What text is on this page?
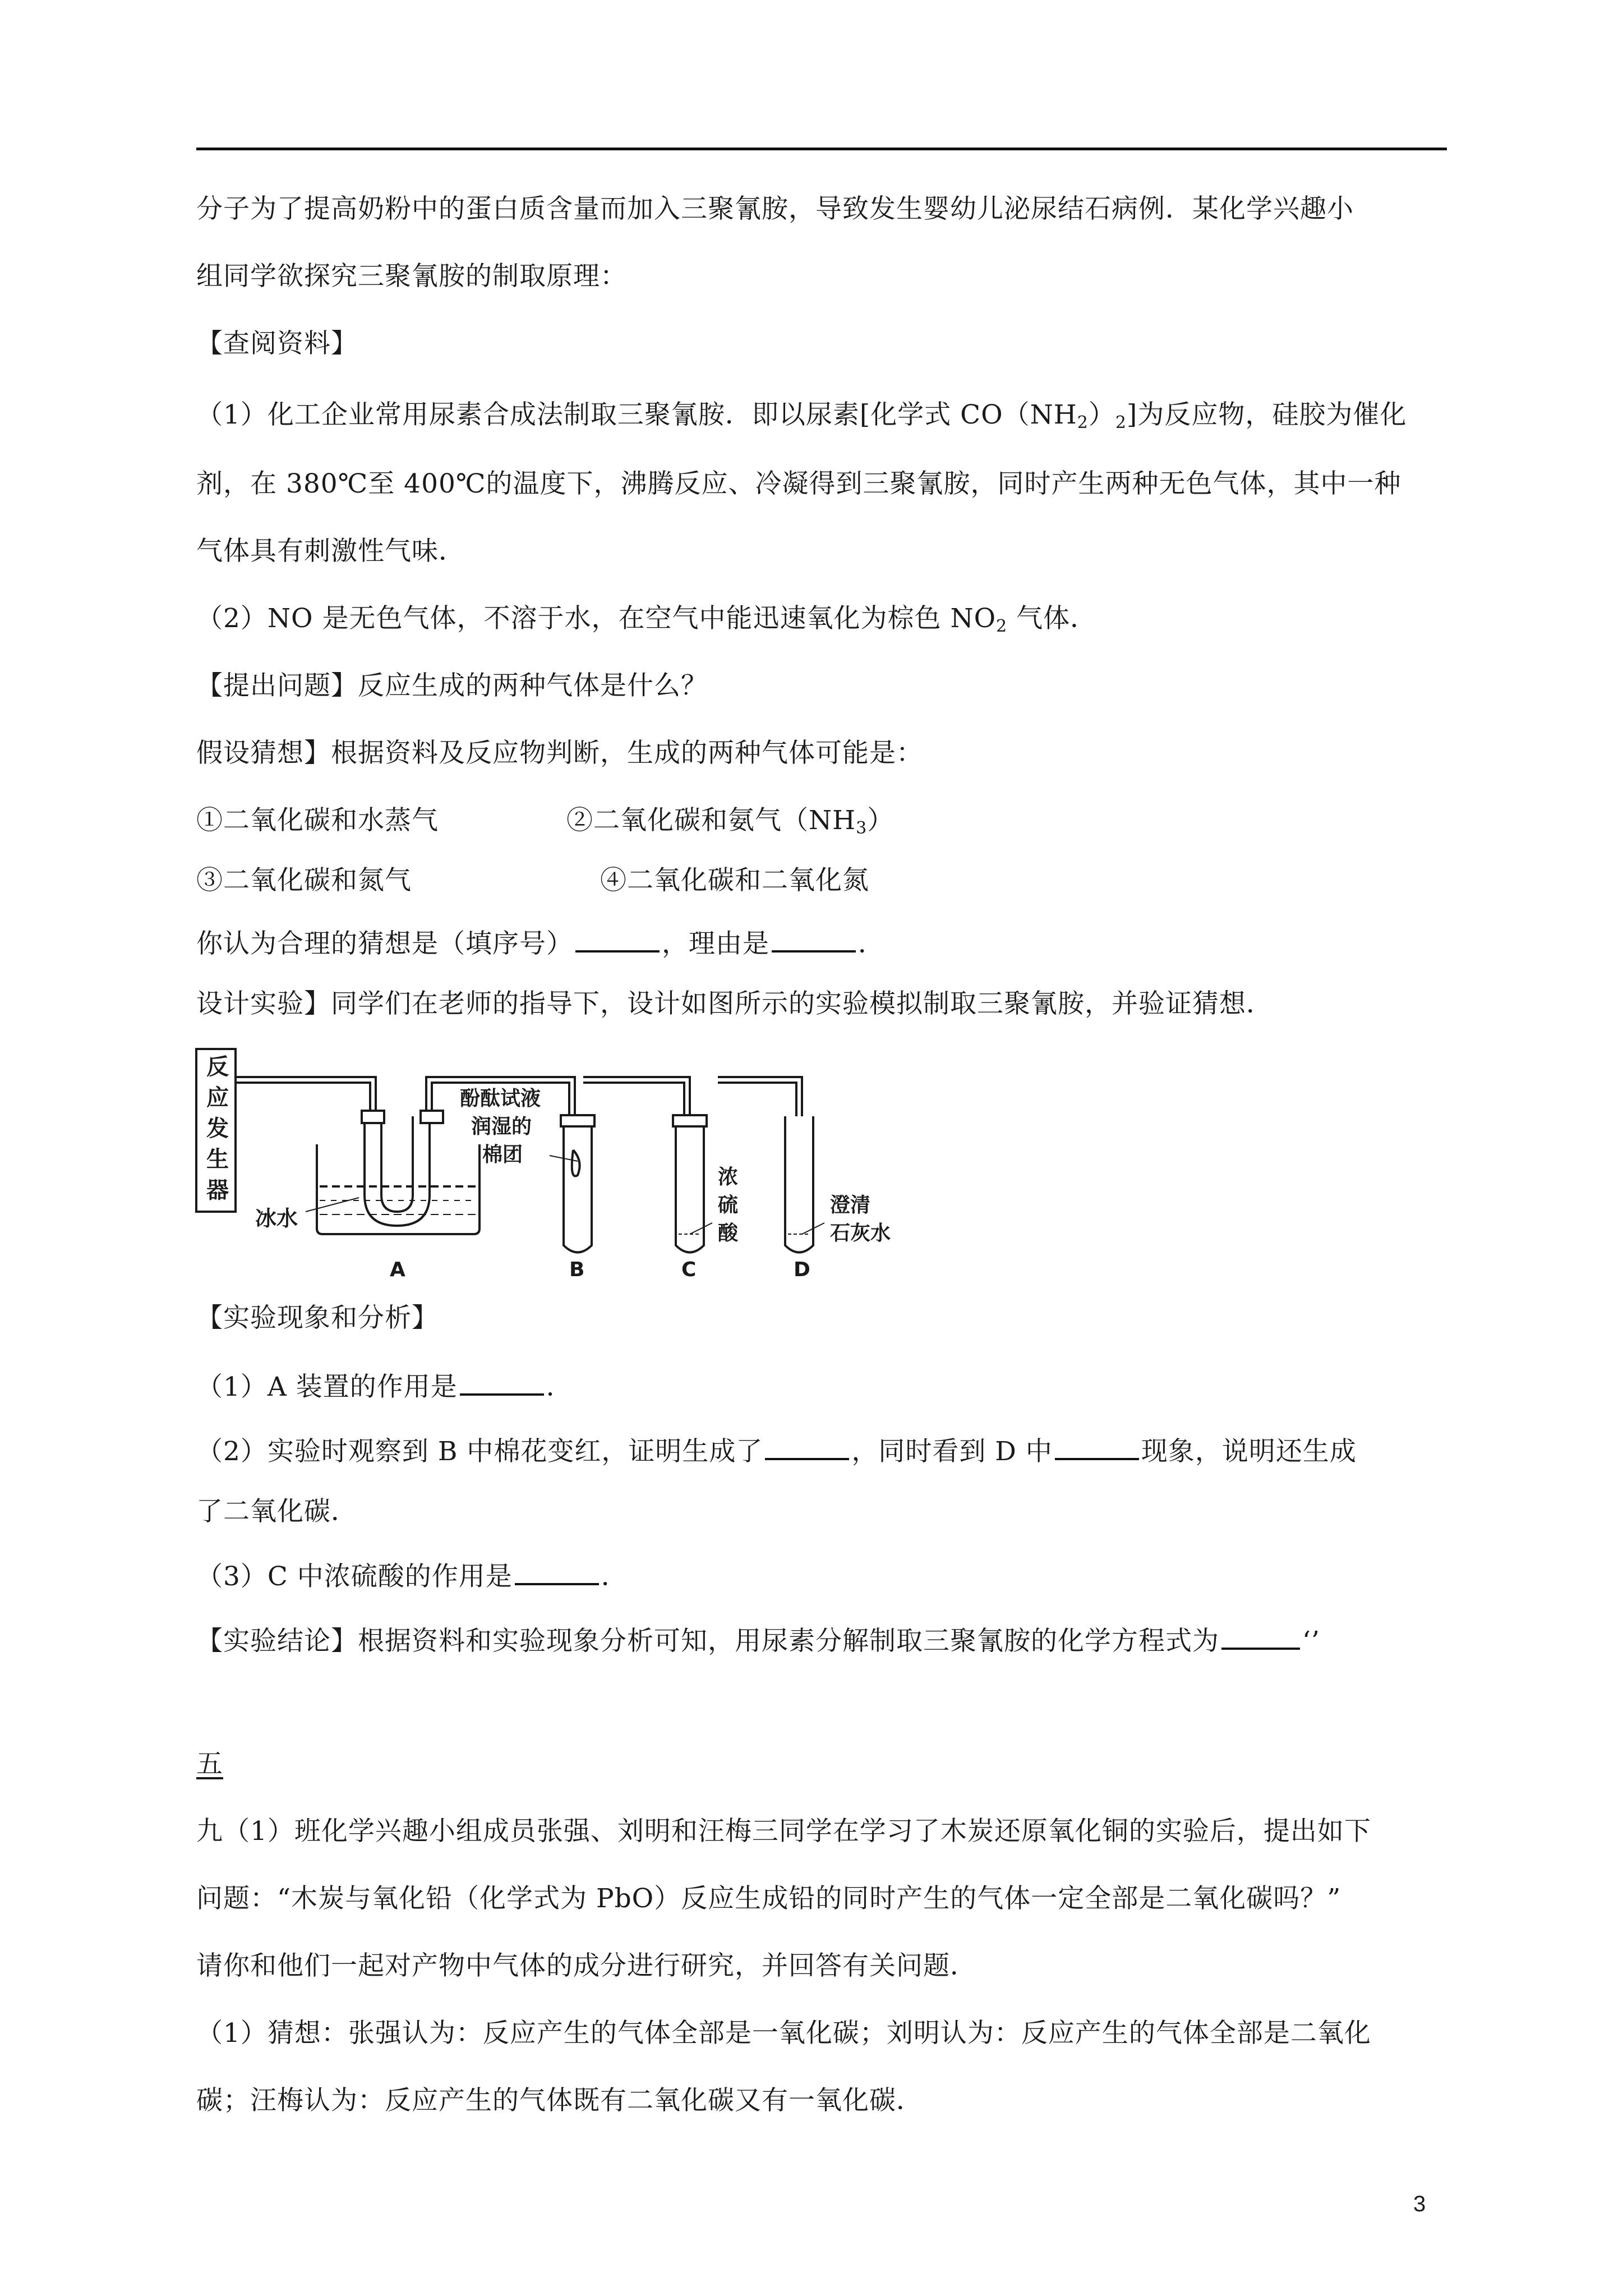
分子为了提高奶粉中的蛋白质含量而加入三聚氰胺，导致发生婴幼儿泌尿结石病例．某化学兴趣小
组同学欲探究三聚氰胺的制取原理：
【查阅资料】
（1）化工企业常用尿素合成法制取三聚氰胺．即以尿素[化学式 $CO(NH_2)_2$]为反应物，硅胶为催化
剂，在 380℃至 400℃的温度下，沸腾反应、冷凝得到三聚氰胺，同时产生两种无色气体，其中一种
气体具有刺激性气味．
（2）NO 是无色气体，不溶于水，在空气中能迅速氧化为棕色 $NO_2$ 气体．
【提出问题】反应生成的两种气体是什么？
假设猜想】根据资料及反应物判断，生成的两种气体可能是：
①二氧化碳和水蒸气	②二氧化碳和氨气$(NH_3)$
③二氧化碳和氮气	④二氧化碳和二氧化氮
你认为合理的猜想是（填序号）	，理由是	．
设计实验】同学们在老师的指导下，设计如图所示的实验模拟制取三聚氰胺，并验证猜想．
反
应
发
生
器
冰水
酚酞试液
润湿的
棉团
浓
硫
酸
澄清
石灰水
A	B	C	D
【实验现象和分析】
（1）A 装置的作用是	．
（2）实验时观察到 B 中棉花变红，证明生成了	，同时看到 D 中	现象，说明还生成
了二氧化碳．
（3）C 中浓硫酸的作用是	．
【实验结论】根据资料和实验现象分析可知，用尿素分解制取三聚氰胺的化学方程式为	‘’
五
九（1）班化学兴趣小组成员张强、刘明和汪梅三同学在学习了木炭还原氧化铜的实验后，提出如下
问题：“木炭与氧化铅（化学式为 PbO）反应生成铅的同时产生的气体一定全部是二氧化碳吗？”
请你和他们一起对产物中气体的成分进行研究，并回答有关问题．
（1）猜想：张强认为：反应产生的气体全部是一氧化碳；刘明认为：反应产生的气体全部是二氧化
碳；汪梅认为：反应产生的气体既有二氧化碳又有一氧化碳．
3
